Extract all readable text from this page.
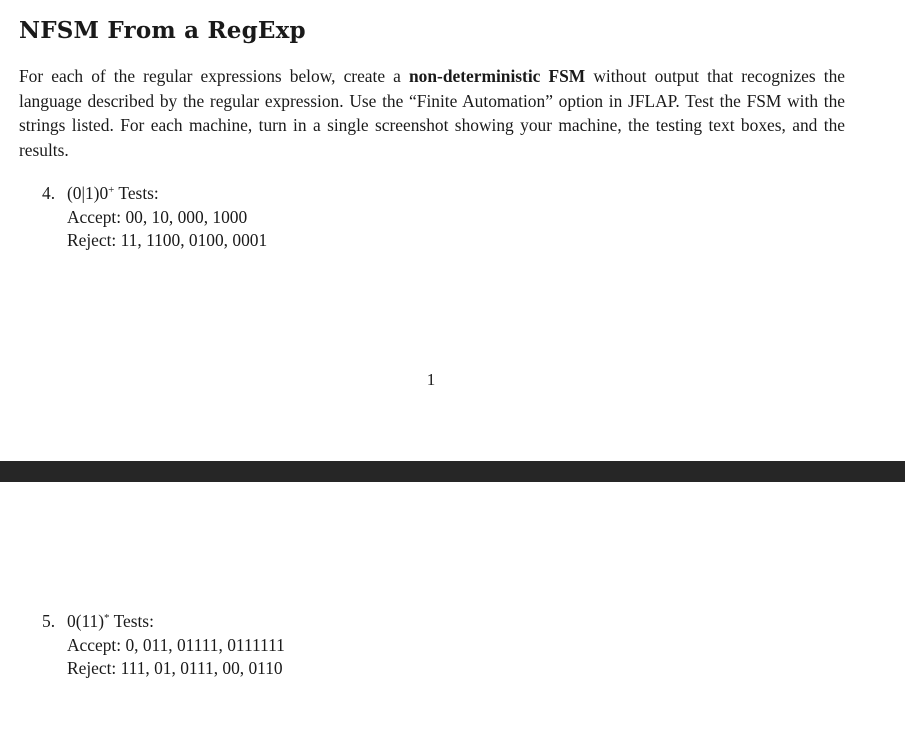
NFSM From a RegExp

For each of the regular expressions below, create a non-deterministic FSM without output that recognizes the language described by the regular expression. Use the “Finite Automation” option in JFLAP. Test the FSM with the strings listed. For each machine, turn in a single screenshot showing your machine, the testing text boxes, and the results.

4. (0|1)0+ Tests:
Accept: 00, 10, 000, 1000
Reject: 11, 1100, 0100, 0001
1
5. 0(11)* Tests:
Accept: 0, 011, 01111, 0111111
Reject: 111, 01, 0111, 00, 0110
